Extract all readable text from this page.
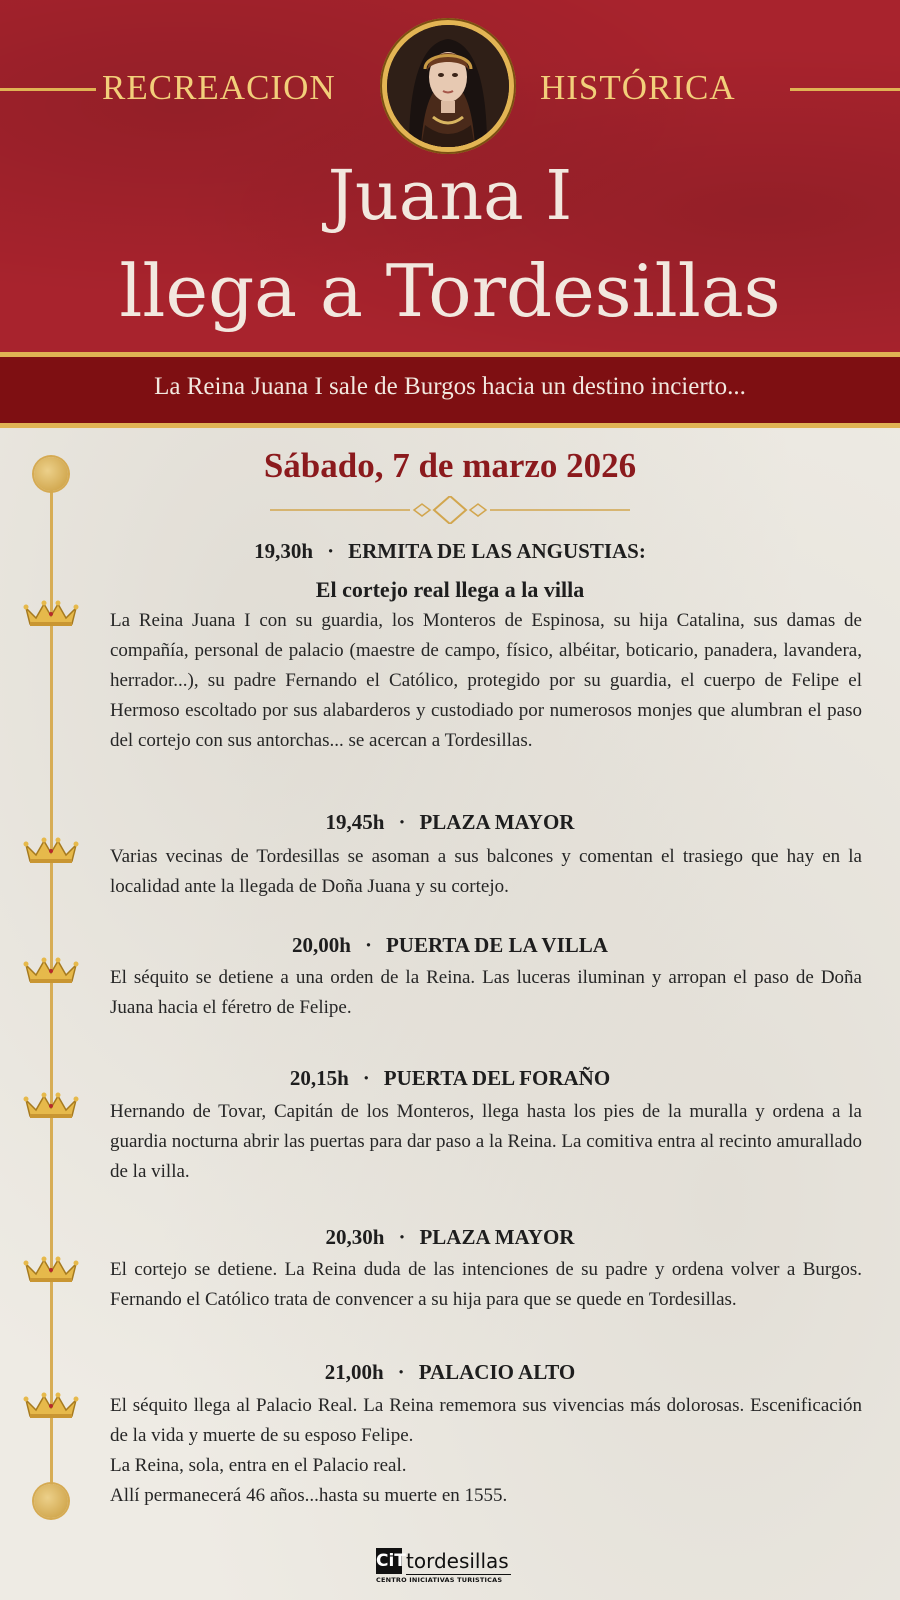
RECREACION	HISTÓRICA
Juana I
llega a Tordesillas
La Reina Juana I sale de Burgos hacia un destino incierto...
Sábado, 7 de marzo 2026
19,30h · ERMITA DE LAS ANGUSTIAS:
El cortejo real llega a la villa
La Reina Juana I con su guardia, los Monteros de Espinosa, su hija Catalina, sus damas de compañía, personal de palacio (maestre de campo, físico, albéitar, boticario, panadera, lavandera, herrador...), su padre Fernando el Católico, protegido por su guardia, el cuerpo de Felipe el Hermoso escoltado por sus alabarderos y custodiado por numerosos monjes que alumbran el paso del cortejo con sus antorchas... se acercan a Tordesillas.
19,45h · PLAZA MAYOR
Varias vecinas de Tordesillas se asoman a sus balcones y comentan el trasiego que hay en la localidad ante la llegada de Doña Juana y su cortejo.
20,00h · PUERTA DE LA VILLA
El séquito se detiene a una orden de la Reina. Las luceras iluminan y arropan el paso de Doña Juana hacia el féretro de Felipe.
20,15h · PUERTA DEL FORAÑO
Hernando de Tovar, Capitán de los Monteros, llega hasta los pies de la muralla y ordena a la guardia nocturna abrir las puertas para dar paso a la Reina. La comitiva entra al recinto amurallado de la villa.
20,30h · PLAZA MAYOR
El cortejo se detiene. La Reina duda de las intenciones de su padre y ordena volver a Burgos. Fernando el Católico trata de convencer a su hija para que se quede en Tordesillas.
21,00h · PALACIO ALTO
El séquito llega al Palacio Real. La Reina rememora sus vivencias más dolorosas. Escenificación de la vida y muerte de su esposo Felipe.
La Reina, sola, entra en el Palacio real.
Allí permanecerá 46 años...hasta su muerte en 1555.
CiT tordesillas
CENTRO INICIATIVAS TURISTICAS
